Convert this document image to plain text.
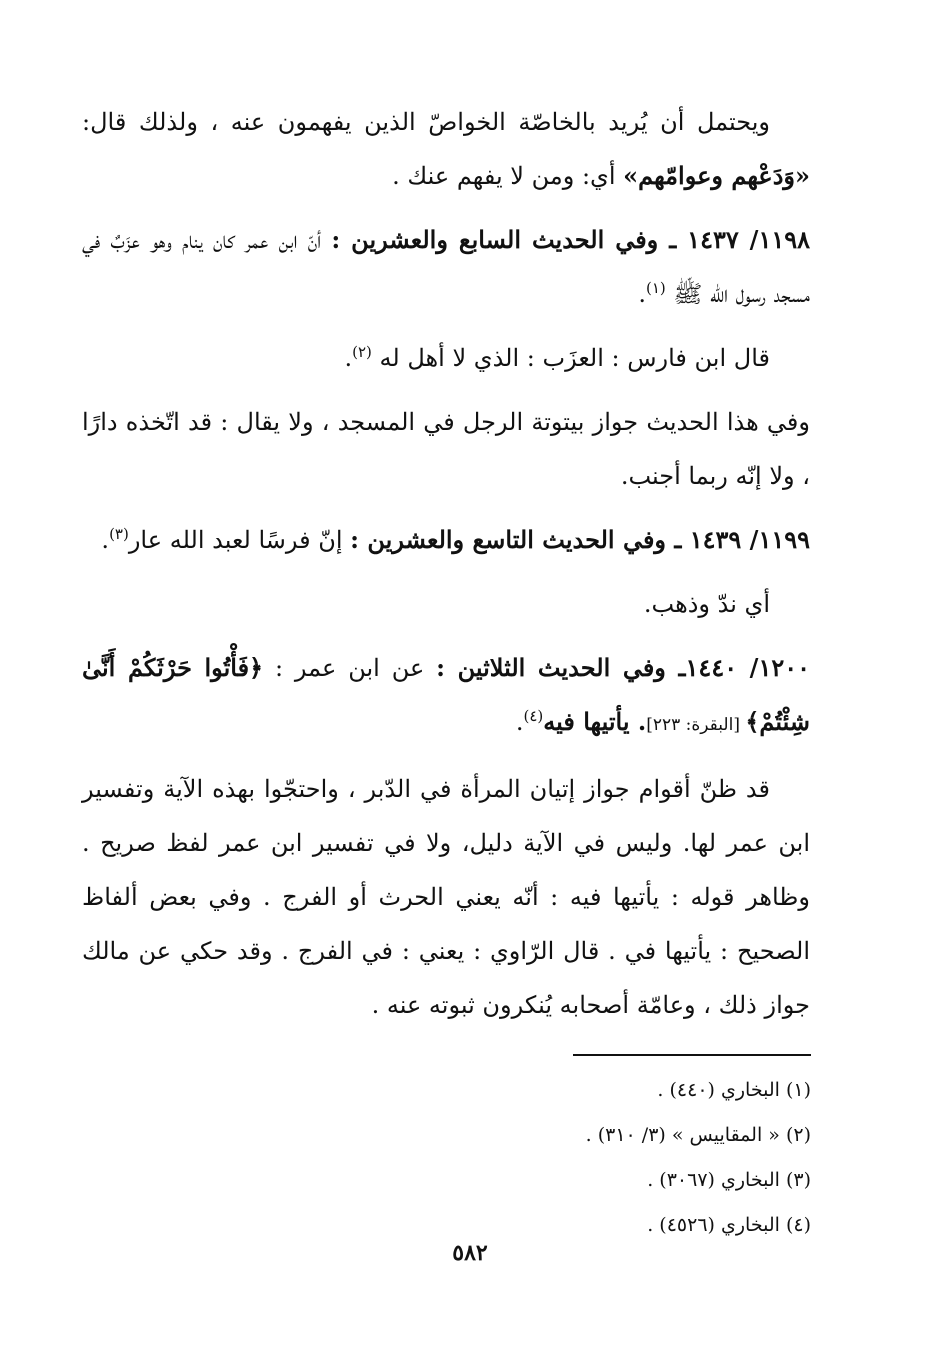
ويحتمل أن يُريد بالخاصّة الخواصّ الذين يفهمون عنه ، ولذلك قال: «وَدَعْهم وعوامّهم» أي: ومن لا يفهم عنك .

١١٩٨/ ١٤٣٧ ـ وفي الحديث السابع والعشرين : أنّ ابن عمر كان ينام وهو عزَبٌ في مسجد رسول الله ﷺ $^{(١)}$.

قال ابن فارس : العزَب : الذي لا أهل له $^{(٢)}$.

وفي هذا الحديث جواز بيتوتة الرجل في المسجد ، ولا يقال : قد اتّخذه دارًا ، ولا إنّه ربما أجنب.

١١٩٩/ ١٤٣٩ ـ وفي الحديث التاسع والعشرين : إنّ فرسًا لعبد الله عار$^{(٣)}$.

أي ندّ وذهب.

١٢٠٠/ ١٤٤٠ـ وفي الحديث الثلاثين : عن ابن عمر : ﴿فَأْتُوا حَرْثَكُمْ أَنَّىٰ شِئْتُمْ﴾ [البقرة: ٢٢٣]. يأتيها فيه$^{(٤)}$.

قد ظنّ أقوام جواز إتيان المرأة في الدّبر ، واحتجّوا بهذه الآية وتفسير ابن عمر لها. وليس في الآية دليل، ولا في تفسير ابن عمر لفظ صريح . وظاهر قوله : يأتيها فيه : أنّه يعني الحرث أو الفرج . وفي بعض ألفاظ الصحيح : يأتيها في . قال الرّاوي : يعني : في الفرج . وقد حكي عن مالك جواز ذلك ، وعامّة أصحابه يُنكرون ثبوته عنه .

(١) البخاري (٤٤٠) .

(٢) « المقاييس » (٣/ ٣١٠) .

(٣) البخاري (٣٠٦٧) .

(٤) البخاري (٤٥٢٦) .

٥٨٢
